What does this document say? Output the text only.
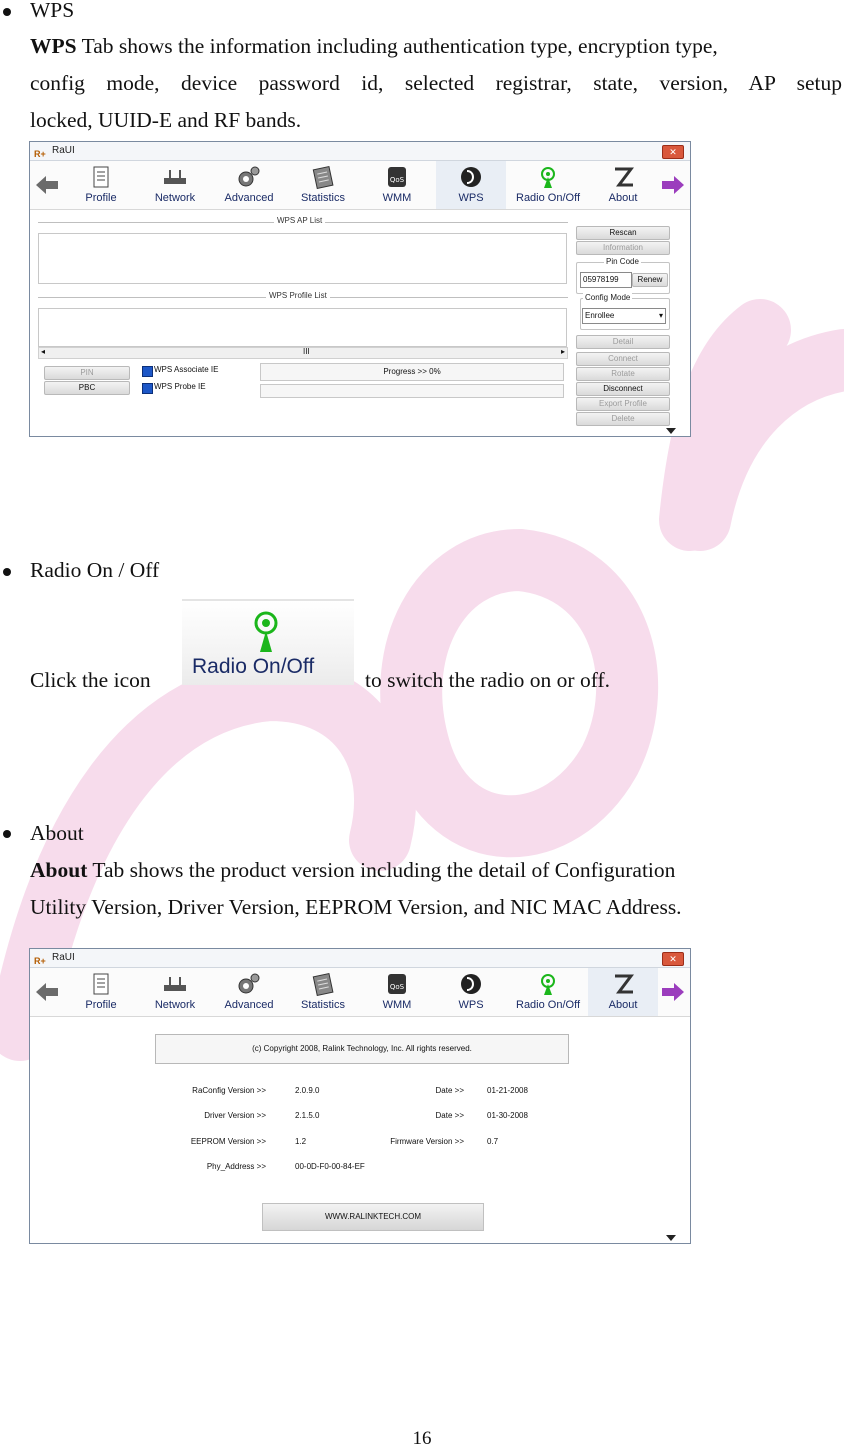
WPS
WPS Tab shows the information including authentication type, encryption type,
config mode, device password id, selected registrar, state, version, AP setup
locked, UUID-E and RF bands.
R+ RaUI	✕
Profile	Network	Advanced	Statistics
QoS
WMM	WPS	Radio On/Off	About
WPS AP List
WPS Profile List
◂	III	▸
PIN
PBC
WPS Associate IE
WPS Probe IE
Progress >> 0%
Rescan
Information
Pin Code
05978199	Renew
Config Mode
Enrollee	▾
Detail
Connect
Rotate
Disconnect
Export Profile
Delete
Radio On / Off
Click the icon
Radio On/Off
to switch the radio on or off.
About
About Tab shows the product version including the detail of Configuration
Utility Version, Driver Version, EEPROM Version, and NIC MAC Address.
R+ RaUI	✕
Profile	Network	Advanced	Statistics
QoS
WMM	WPS	Radio On/Off	About
(c) Copyright 2008, Ralink Technology, Inc. All rights reserved.
RaConfig Version >>	2.0.9.0	Date >>	01-21-2008
Driver Version >>	2.1.5.0	Date >>	01-30-2008
EEPROM Version >>	1.2	Firmware Version >>	0.7
Phy_Address >>	00-0D-F0-00-84-EF
WWW.RALINKTECH.COM
16
